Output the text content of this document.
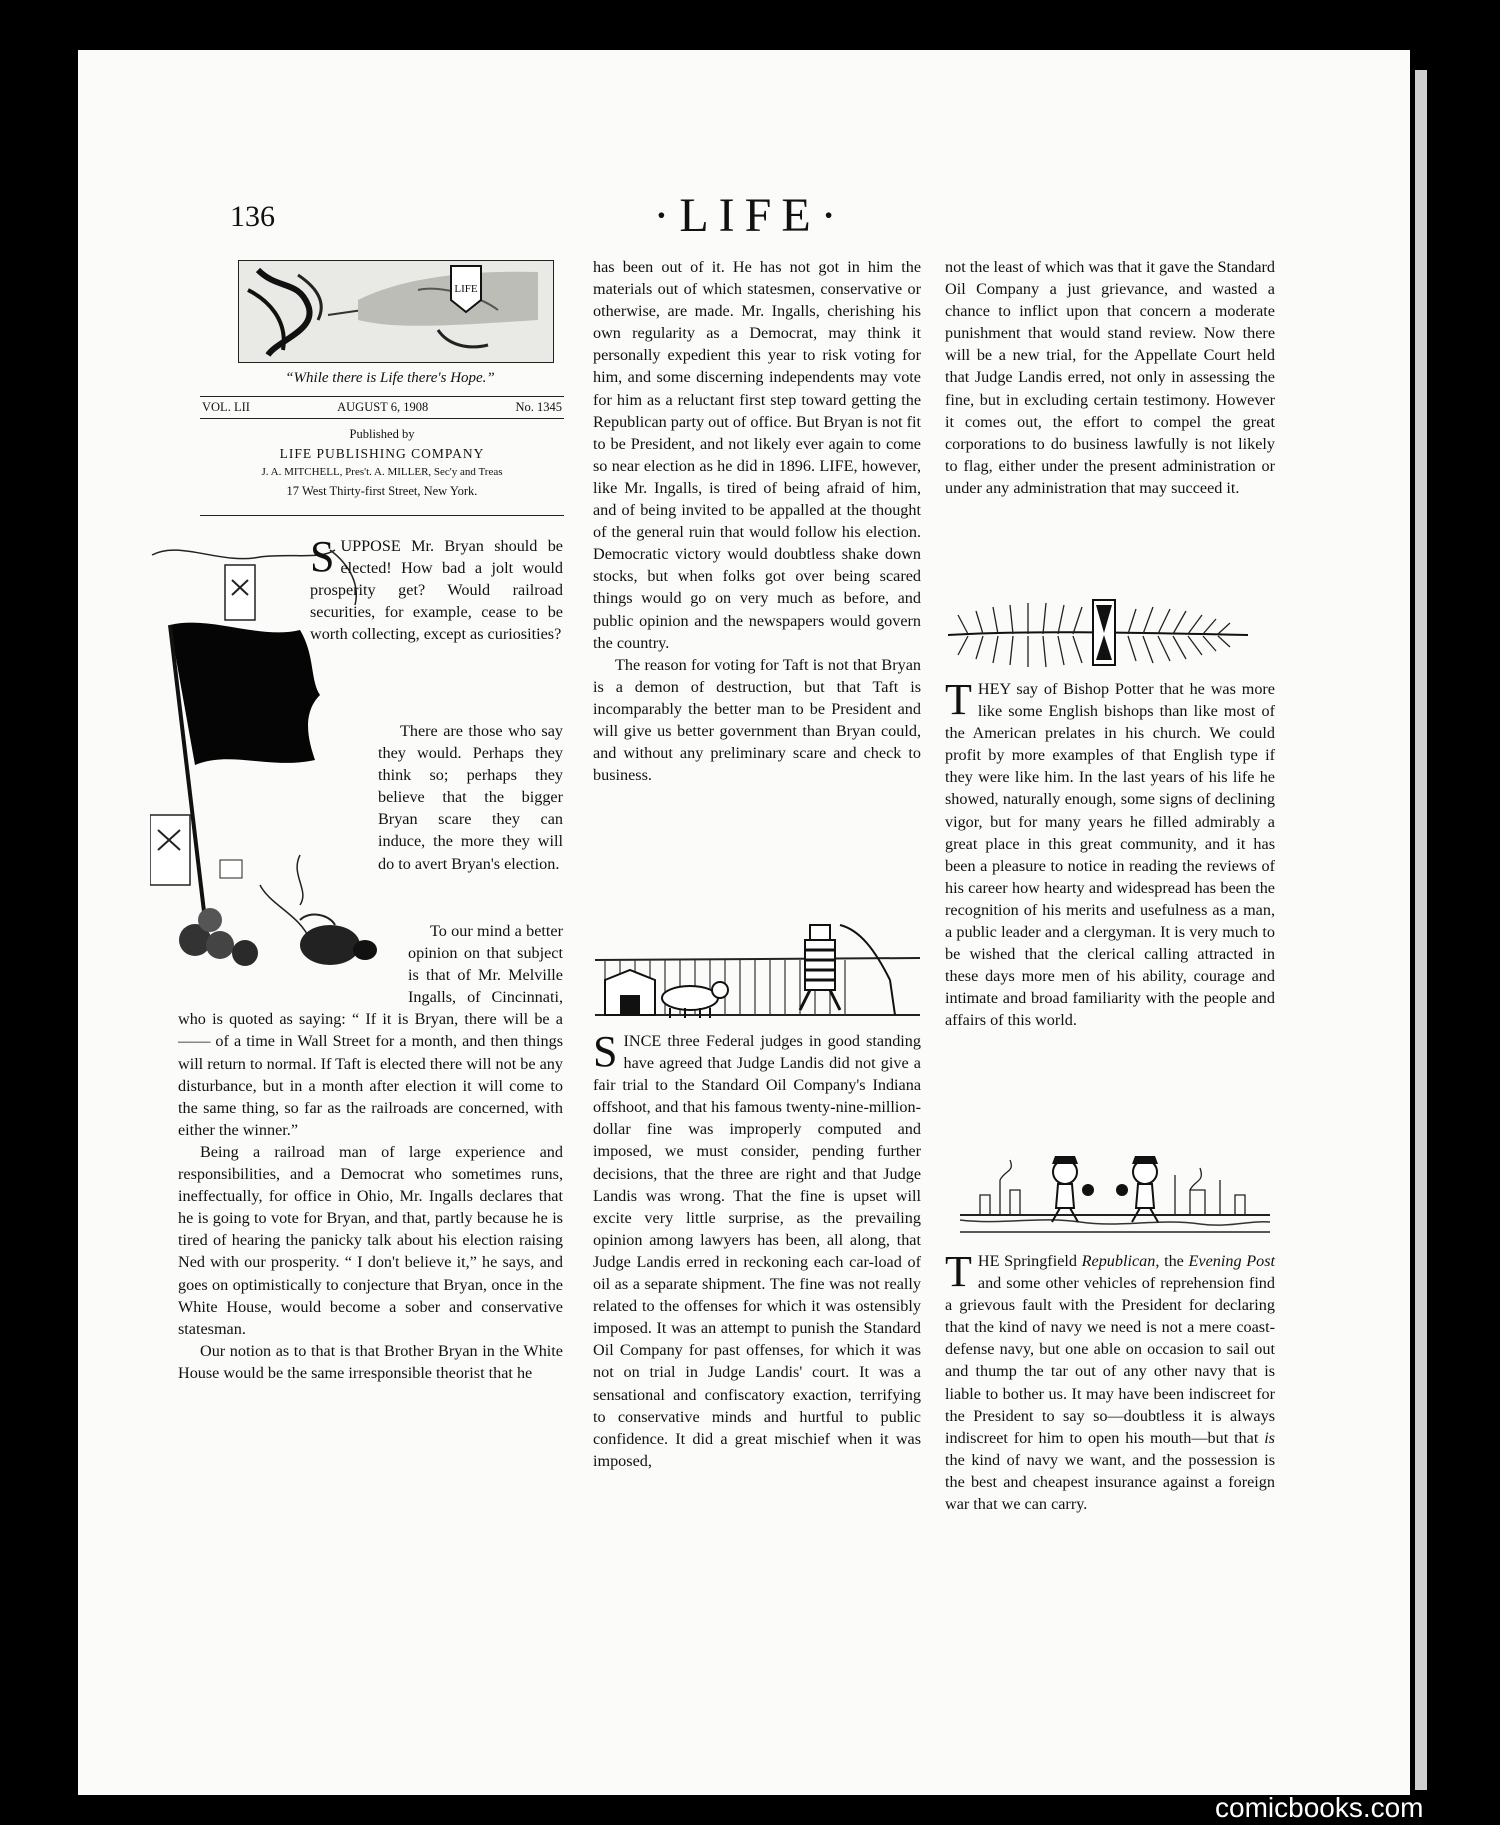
136	·LIFE·
LIFE
“While there is Life there's Hope.”
VOL. LII	AUGUST 6, 1908	No. 1345
Published by
LIFE PUBLISHING COMPANY
J. A. MITCHELL, Pres't. A. MILLER, Sec'y and Treas
17 West Thirty-first Street, New York.

SUPPOSE Mr. Bryan should be elected! How bad a jolt would prosperity get? Would railroad securities, for example, cease to be worth collecting, except as curiosities?

There are those who say they would. Perhaps they think so; perhaps they believe that the bigger Bryan scare they can induce, the more they will do to avert Bryan's election.

To our mind a better opinion on that subject is that of Mr. Melville Ingalls, of Cincinnati, who is quoted as saying: “ If it is Bryan, there will be a —— of a time in Wall Street for a month, and then things will return to normal. If Taft is elected there will not be any disturbance, but in a month after election it will come to the same thing, so far as the railroads are concerned, with either the winner.”

Being a railroad man of large experience and responsibilities, and a Democrat who sometimes runs, ineffectually, for office in Ohio, Mr. Ingalls declares that he is going to vote for Bryan, and that, partly because he is tired of hearing the panicky talk about his election raising Ned with our prosperity. “ I don't believe it,” he says, and goes on optimistically to conjecture that Bryan, once in the White House, would become a sober and conservative statesman.

Our notion as to that is that Brother Bryan in the White House would be the same irresponsible theorist that he

has been out of it. He has not got in him the materials out of which statesmen, conservative or otherwise, are made. Mr. Ingalls, cherishing his own regularity as a Democrat, may think it personally expedient this year to risk voting for him, and some discerning independents may vote for him as a reluctant first step toward getting the Republican party out of office. But Bryan is not fit to be President, and not likely ever again to come so near election as he did in 1896. LIFE, however, like Mr. Ingalls, is tired of being afraid of him, and of being invited to be appalled at the thought of the general ruin that would follow his election. Democratic victory would doubtless shake down stocks, but when folks got over being scared things would go on very much as before, and public opinion and the newspapers would govern the country.

The reason for voting for Taft is not that Bryan is a demon of destruction, but that Taft is incomparably the better man to be President and will give us better government than Bryan could, and without any preliminary scare and check to business.

SINCE three Federal judges in good standing have agreed that Judge Landis did not give a fair trial to the Standard Oil Company's Indiana offshoot, and that his famous twenty-nine-million-dollar fine was improperly computed and imposed, we must consider, pending further decisions, that the three are right and that Judge Landis was wrong. That the fine is upset will excite very little surprise, as the prevailing opinion among lawyers has been, all along, that Judge Landis erred in reckoning each car-load of oil as a separate shipment. The fine was not really related to the offenses for which it was ostensibly imposed. It was an attempt to punish the Standard Oil Company for past offenses, for which it was not on trial in Judge Landis' court. It was a sensational and confiscatory exaction, terrifying to conservative minds and hurtful to public confidence. It did a great mischief when it was imposed,

not the least of which was that it gave the Standard Oil Company a just grievance, and wasted a chance to inflict upon that concern a moderate punishment that would stand review. Now there will be a new trial, for the Appellate Court held that Judge Landis erred, not only in assessing the fine, but in excluding certain testimony. However it comes out, the effort to compel the great corporations to do business lawfully is not likely to flag, either under the present administration or under any administration that may succeed it.

THEY say of Bishop Potter that he was more like some English bishops than like most of the American prelates in his church. We could profit by more examples of that English type if they were like him. In the last years of his life he showed, naturally enough, some signs of declining vigor, but for many years he filled admirably a great place in this great community, and it has been a pleasure to notice in reading the reviews of his career how hearty and widespread has been the recognition of his merits and usefulness as a man, a public leader and a clergyman. It is very much to be wished that the clerical calling attracted in these days more men of his ability, courage and intimate and broad familiarity with the people and affairs of this world.

THE Springfield Republican, the Evening Post and some other vehicles of reprehension find a grievous fault with the President for declaring that the kind of navy we need is not a mere coast-defense navy, but one able on occasion to sail out and thump the tar out of any other navy that is liable to bother us. It may have been indiscreet for the President to say so—doubtless it is always indiscreet for him to open his mouth—but that is the kind of navy we want, and the possession is the best and cheapest insurance against a foreign war that we can carry.

comicbooks.com
